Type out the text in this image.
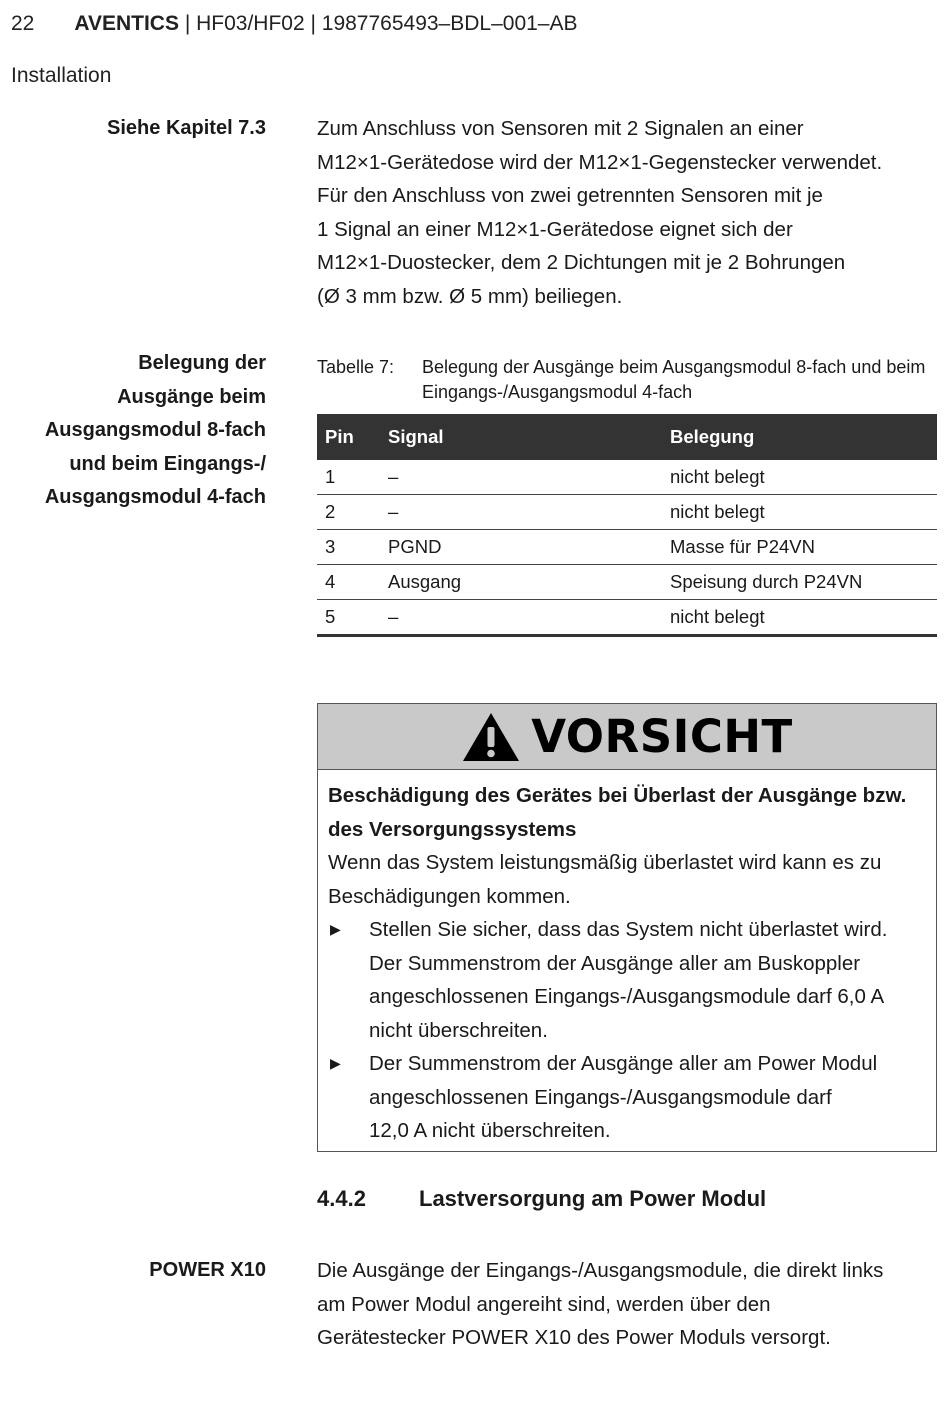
22 AVENTICS | HF03/HF02 | 1987765493–BDL–001–AB
Installation
Siehe Kapitel 7.3 Zum Anschluss von Sensoren mit 2 Signalen an einer
M12×1-Gerätedose wird der M12×1-Gegenstecker verwendet.
Für den Anschluss von zwei getrennten Sensoren mit je
1 Signal an einer M12×1-Gerätedose eignet sich der
M12×1-Duostecker, dem 2 Dichtungen mit je 2 Bohrungen
(Ø 3 mm bzw. Ø 5 mm) beiliegen.
Belegung der
Ausgänge beim
Ausgangsmodul 8-fach
und beim Eingangs-/
Ausgangsmodul 4-fach
Tabelle 7:	Belegung der Ausgänge beim Ausgangsmodul 8-fach und beim Eingangs-/Ausgangsmodul 4-fach
Pin	Signal	Belegung
1	–	nicht belegt
2	–	nicht belegt
3	PGND	Masse für P24VN
4	Ausgang	Speisung durch P24VN
5	–	nicht belegt
VORSICHT
Beschädigung des Gerätes bei Überlast der Ausgänge bzw.
des Versorgungssystems
Wenn das System leistungsmäßig überlastet wird kann es zu
Beschädigungen kommen.
▶ Stellen Sie sicher, dass das System nicht überlastet wird.
Der Summenstrom der Ausgänge aller am Buskoppler
angeschlossenen Eingangs-/Ausgangsmodule darf 6,0 A
nicht überschreiten.
▶ Der Summenstrom der Ausgänge aller am Power Modul
angeschlossenen Eingangs-/Ausgangsmodule darf
12,0 A nicht überschreiten.
4.4.2	Lastversorgung am Power Modul
POWER X10 Die Ausgänge der Eingangs-/Ausgangsmodule, die direkt links
am Power Modul angereiht sind, werden über den
Gerätestecker POWER X10 des Power Moduls versorgt.
